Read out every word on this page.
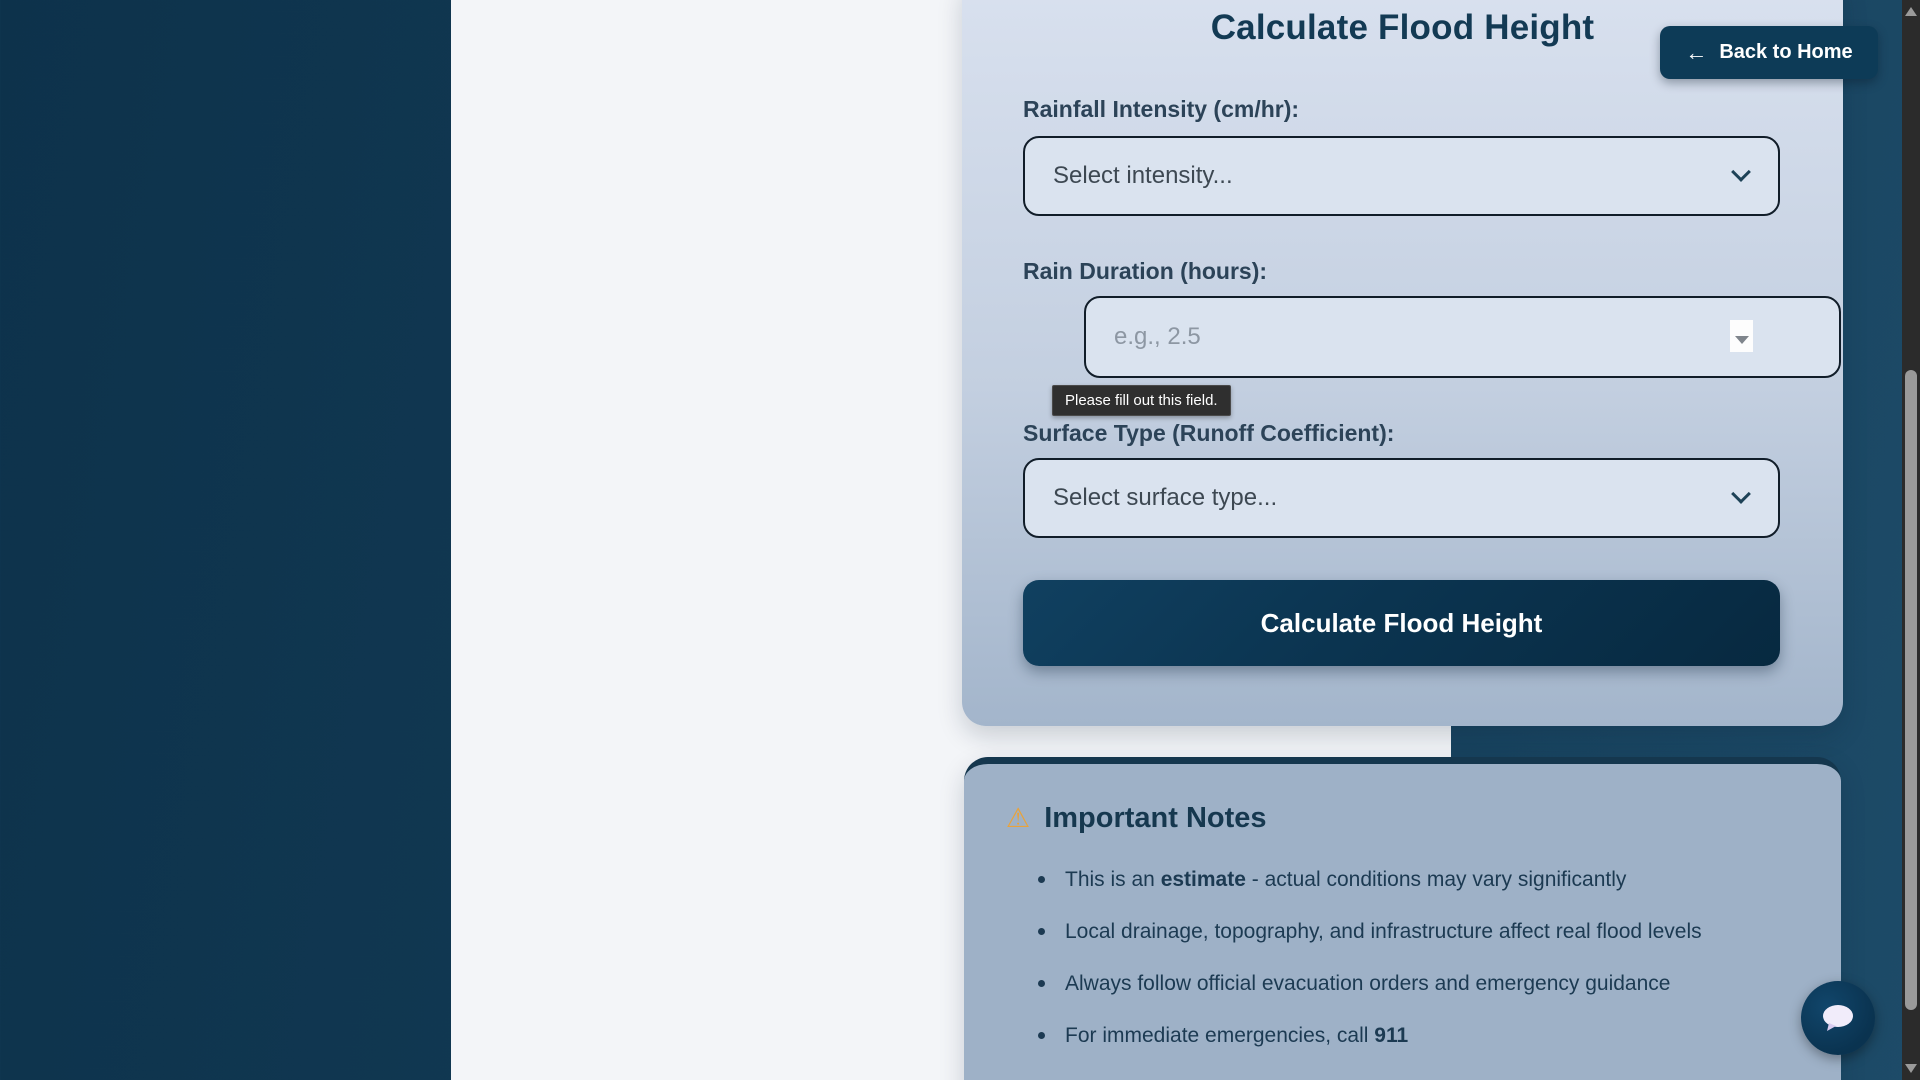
Calculate Flood Height
Rainfall Intensity (cm/hr):
Select intensity...
Rain Duration (hours):
e.g., 2.5
Surface Type (Runoff Coefficient):
Select surface type...
Calculate Flood Height
⚠ Important Notes
This is an estimate - actual conditions may vary significantly
Local drainage, topography, and infrastructure affect real flood levels
Always follow official evacuation orders and emergency guidance
For immediate emergencies, call 911
Please fill out this field.
← Back to Home
